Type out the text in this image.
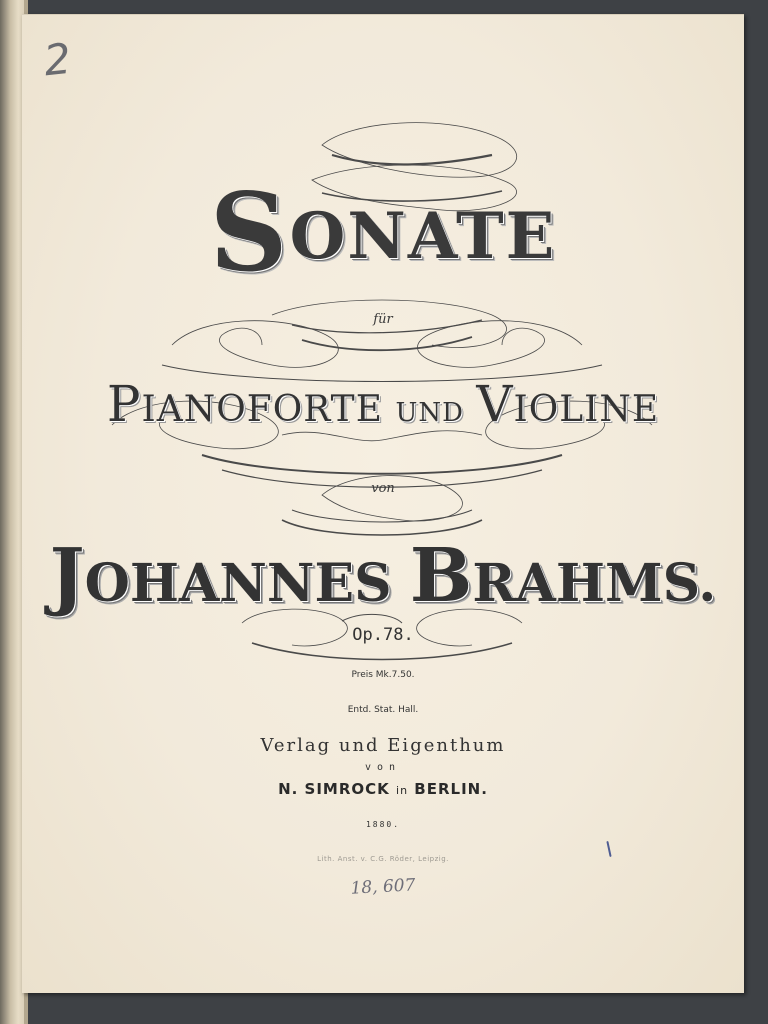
2
SONATE
für
PIANOFORTE UND VIOLINE
von
JOHANNES BRAHMS.
Op.78.
Preis Mk.7.50.
Entd. Stat. Hall.
Verlag und Eigenthum
von
N. SIMROCK in BERLIN.
1880.
Lith. Anst. v. C.G. Röder, Leipzig.
18, 607
